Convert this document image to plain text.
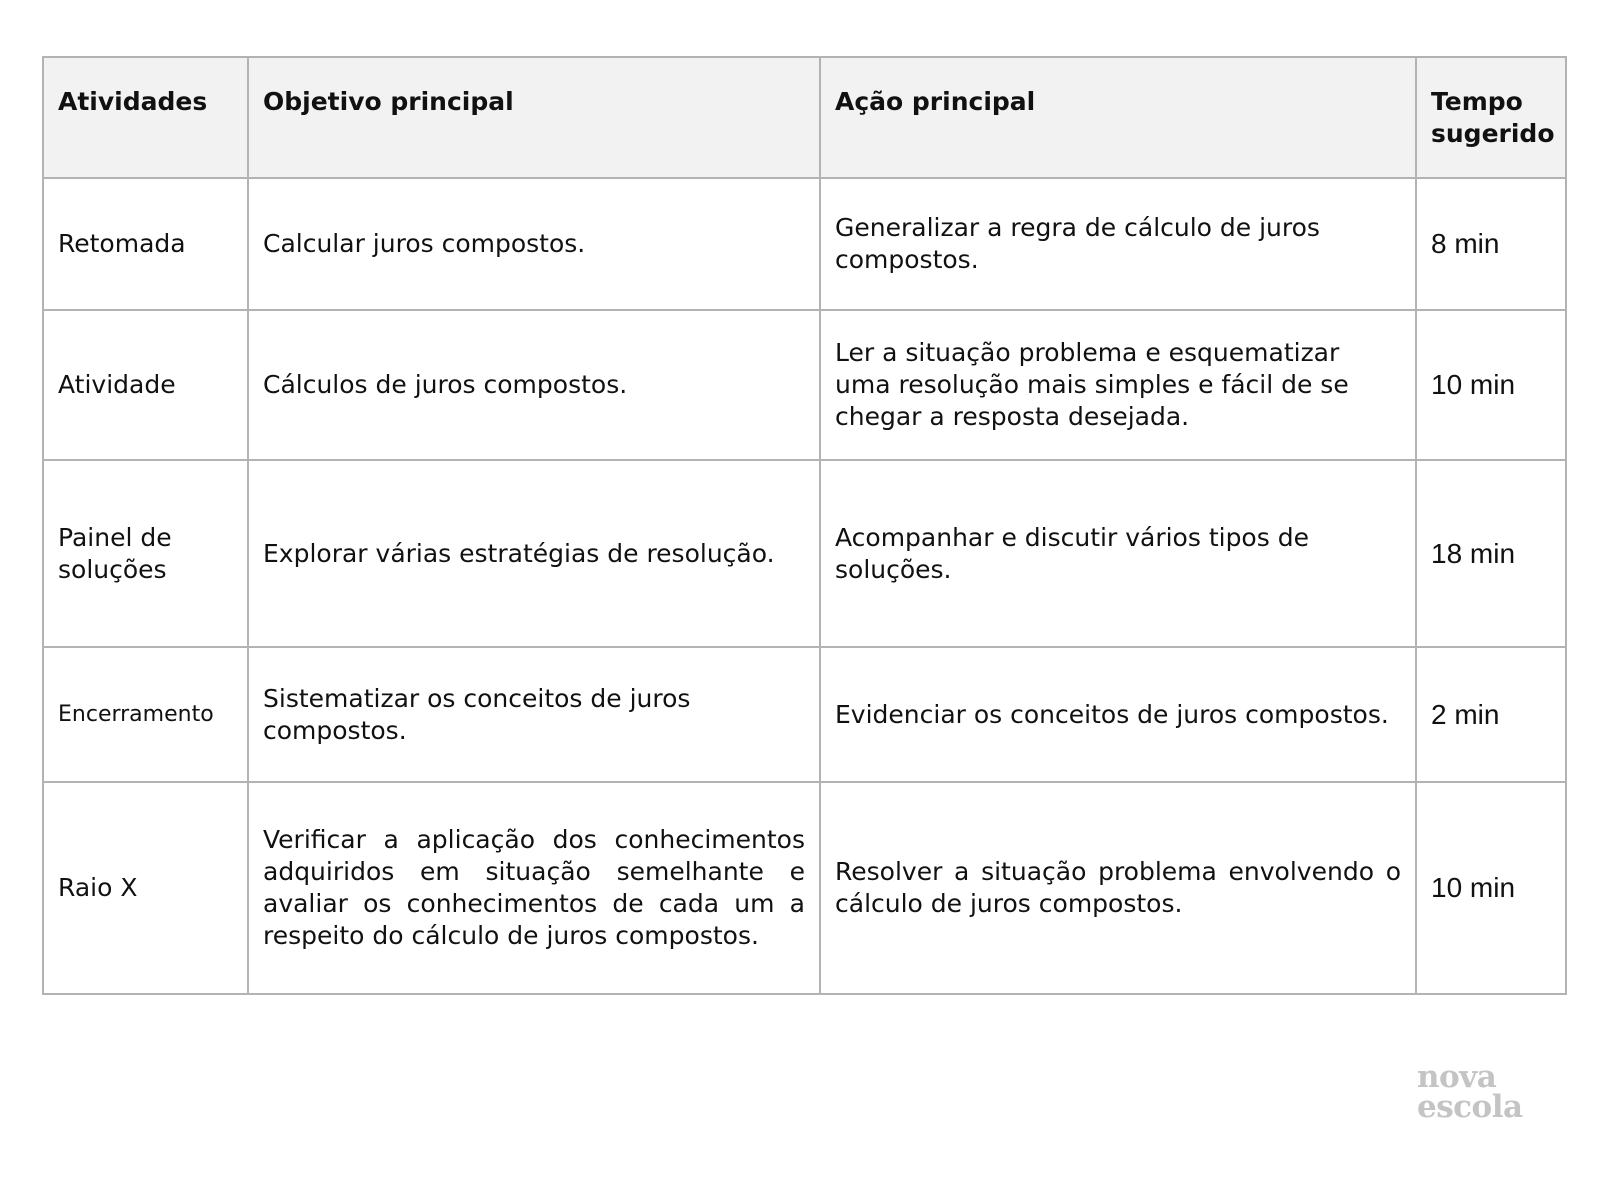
Atividades	Objetivo principal	Ação principal	Tempo sugerido
Retomada	Calcular juros compostos.	Generalizar a regra de cálculo de juros compostos.	8 min
Atividade	Cálculos de juros compostos.	Ler a situação problema e esquematizar uma resolução mais simples e fácil de se chegar a resposta desejada.	10 min
Painel de soluções	Explorar várias estratégias de resolução.	Acompanhar e discutir vários tipos de soluções.	18 min
Encerramento	Sistematizar os conceitos de juros compostos.	Evidenciar os conceitos de juros compostos.	2 min
Raio X	Verificar a aplicação dos conhecimentos adquiridos em situação semelhante e avaliar os conhecimentos de cada um a respeito do cálculo de juros compostos.	Resolver a situação problema envolvendo o cálculo de juros compostos.	10 min
nova
escola
